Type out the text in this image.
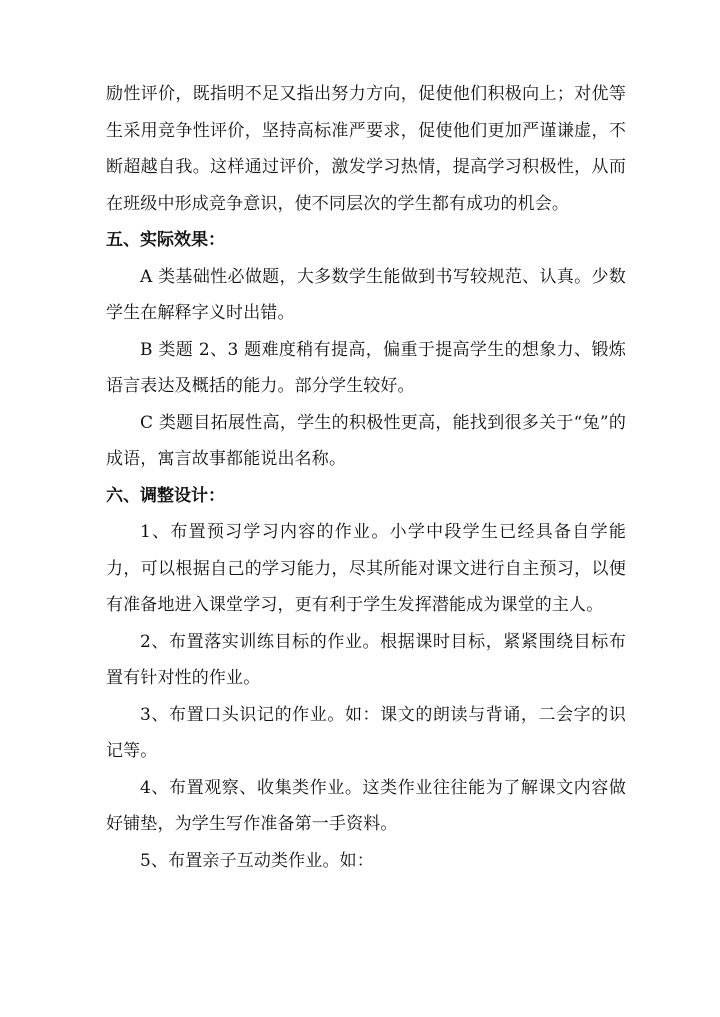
励性评价，既指明不足又指出努力方向，促使他们积极向上；对优等生采用竞争性评价，坚持高标准严要求，促使他们更加严谨谦虚，不断超越自我。这样通过评价，激发学习热情，提高学习积极性，从而在班级中形成竞争意识，使不同层次的学生都有成功的机会。

五、实际效果：

A 类基础性必做题，大多数学生能做到书写较规范、认真。少数学生在解释字义时出错。

B 类题 2、3 题难度稍有提高，偏重于提高学生的想象力、锻炼语言表达及概括的能力。部分学生较好。

C 类题目拓展性高，学生的积极性更高，能找到很多关于“兔”的成语，寓言故事都能说出名称。

六、调整设计：

1、布置预习学习内容的作业。小学中段学生已经具备自学能力，可以根据自己的学习能力，尽其所能对课文进行自主预习，以便有准备地进入课堂学习，更有利于学生发挥潜能成为课堂的主人。

2、布置落实训练目标的作业。根据课时目标，紧紧围绕目标布置有针对性的作业。

3、布置口头识记的作业。如：课文的朗读与背诵，二会字的识记等。

4、布置观察、收集类作业。这类作业往往能为了解课文内容做好铺垫，为学生写作准备第一手资料。

5、布置亲子互动类作业。如：
